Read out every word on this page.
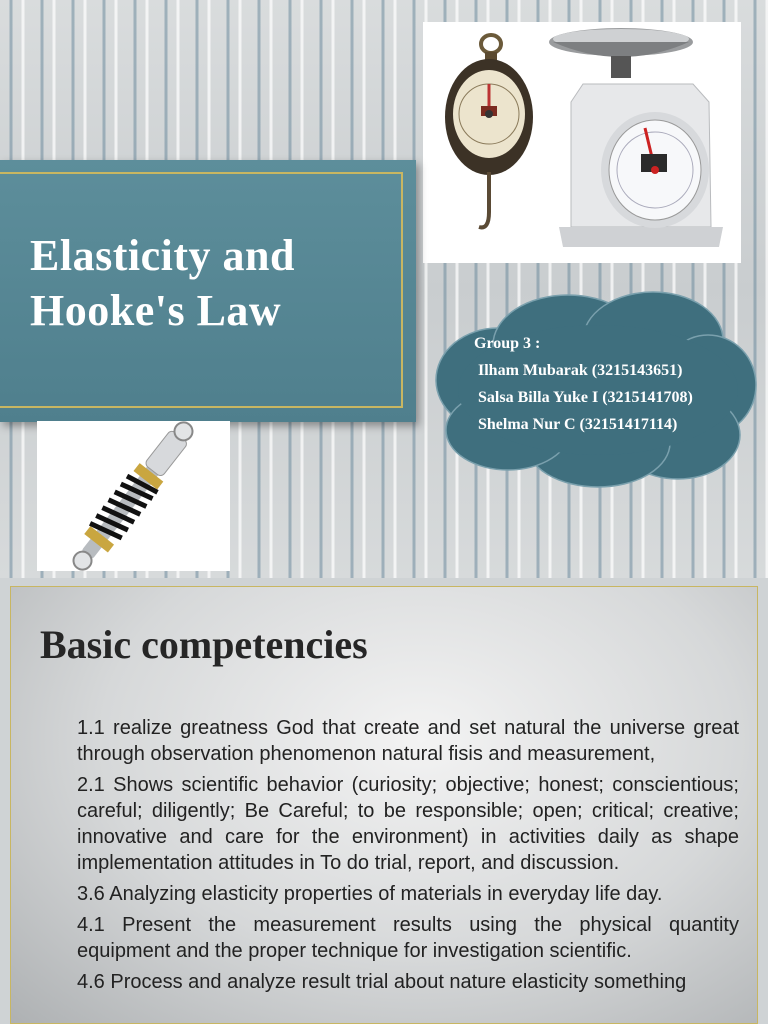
Elasticity and
Hooke's Law
Group 3 :
Ilham Mubarak (3215143651)
Salsa Billa Yuke I (3215141708)
Shelma Nur C (32151417114)
Basic competencies

1.1 realize greatness God that create and set natural the universe great through observation phenomenon natural fisis and measurement,

2.1 Shows scientific behavior (curiosity; objective; honest; conscientious; careful; diligently; Be Careful; to be responsible; open; critical; creative; innovative and care for the environment) in activities daily as shape implementation attitudes in To do trial, report, and discussion.

3.6 Analyzing elasticity properties of materials in everyday life day.

4.1 Present the measurement results using the physical quantity equipment and the proper technique for investigation scientific.

4.6 Process and analyze result trial about nature elasticity something
